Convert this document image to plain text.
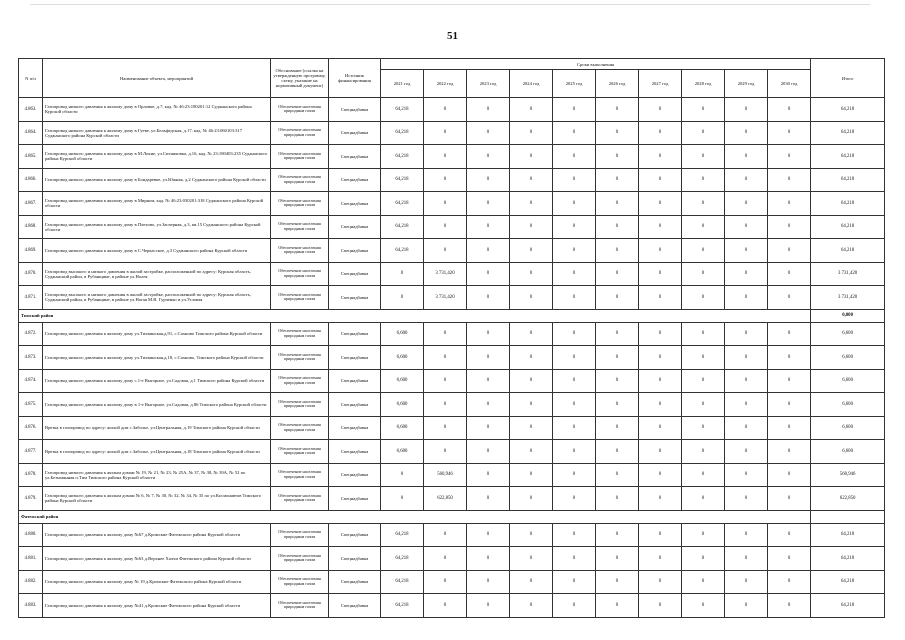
51
N п/п	Наименование объекта, мероприятий	Обоснование (ссылка на утвержденную программу, схему, указание на нормативный документ)	Источник финансирования	Сроки выполнения										Итого
				2021 год	2022 год	2023 год	2024 год	2025 год	2026 год	2027 год	2028 год	2029 год	2030 год	
4.863.	Газопровод низкого давления к жилому дому в Орловке, д.7, кад. № 46:23:180201:12 Суджанского района Курской области	Обеспечение населения природным газом	Спецнадбавка	64,218	0	0	0	0	0	0	0	0	0	64,218
4.864.	Газопровод низкого давления к жилому дому в Гуеве, ул.Бельфедская, д.17, кад. № 46:23:060103:317 Суджанского района Курской области	Обеспечение населения природным газом	Спецнадбавка	64,218	0	0	0	0	0	0	0	0	0	64,218
4.865.	Газопровод низкого давления к жилому дому в М.Локне, ул.Ситниковка, д.16, кад. № 23:180403:235 Суджанского района Курской области	Обеспечение населения природным газом	Спецнадбавка	64,218	0	0	0	0	0	0	0	0	0	64,218
4.866.	Газопровод низкого давления к жилому дому в Бондаревке, ул.Южная, д.2 Суджанского района Курской области	Обеспечение населения природным газом	Спецнадбавка	64,218	0	0	0	0	0	0	0	0	0	64,218
4.867.	Газопровод низкого давления к жилому дому в Мирном, кад. № 46:23:030201:318 Суджанского района Курской области	Обеспечение населения природным газом	Спецнадбавка	64,218	0	0	0	0	0	0	0	0	0	64,218
4.868.	Газопровод низкого давления к жилому дому в Плехово, ул.Заозерная, д.3, кв.15 Суджанского района Курской области	Обеспечение населения природным газом	Спецнадбавка	64,218	0	0	0	0	0	0	0	0	0	64,218
4.869.	Газопровод низкого давления к жилому дому в С.Черкасское, д.3 Суджанского района Курской области	Обеспечение населения природным газом	Спецнадбавка	64,218	0	0	0	0	0	0	0	0	0	64,218
4.870.	Газопровод высокого и низкого давления в жилой застройке, расположенной по адресу: Курская область, Суджанский район, в Рубанщине, в районе ул.Нолея	Обеспечение населения природным газом	Спецнадбавка	0	3 731,420	0	0	0	0	0	0	0	0	3 731,420
4.871.	Газопровод высокого и низкого давления в жилой застройке, расположенной по адресу: Курская область, Суджанский район, в Рубанщине, в районе ул.Нагая М.В. Гурченко и ул.Угловая	Обеспечение населения природным газом	Спецнадбавка	0	3 731,420	0	0	0	0	0	0	0	0	3 731,420
Тимский район														0,000
4.872.	Газопровод низкого давления к жилому дому ул.Тихвинская,д.91, с.Сахново Тимского района Курской области	Обеспечение населения природным газом	Спецнадбавка	6,600	0	0	0	0	0	0	0	0	0	6,600
4.873.	Газопровод низкого давления к жилому дому ул.Тихвинская,д.18, с.Сахново, Тимского района Курской области	Обеспечение населения природным газом	Спецнадбавка	6,600	0	0	0	0	0	0	0	0	0	6,600
4.874.	Газопровод низкого давления к жилому дому с.1-е Выгорное, ул.Садовая, д.1 Тимского района Курской области	Обеспечение населения природным газом	Спецнадбавка	6,600	0	0	0	0	0	0	0	0	0	6,600
4.875.	Газопровод низкого давления к жилому дому в 1-е Выгорное, ул.Садовая, д.86 Тимского района Курской области	Обеспечение населения природным газом	Спецнадбавка	6,600	0	0	0	0	0	0	0	0	0	6,600
4.876.	Врезка в газопровод по адресу: жилой дом с.Заболье, ул.Центральная, д.19 Тимского района Курской области	Обеспечение населения природным газом	Спецнадбавка	6,600	0	0	0	0	0	0	0	0	0	6,600
4.877.	Врезка в газопровод по адресу: жилой дом с.Заболье, ул.Центральная, д.18 Тимского района Курской области	Обеспечение населения природным газом	Спецнадбавка	6,600	0	0	0	0	0	0	0	0	0	6,600
4.878.	Газопровод низкого давления к жилым домам № 19, № 21, № 23, № 25А, № 37, № 38, № 39А, № 52 по ул.Безымянная п.Тим Тимского района Курской области	Обеспечение населения природным газом	Спецнадбавка	0	560,946	0	0	0	0	0	0	0	0	560,946
4.879.	Газопровод низкого давления к жилым домам № 6, № 7, № 30, № 32, № 34, № 35 по ул.Космонавтов Тимского района Курской области	Обеспечение населения природным газом	Спецнадбавка	0	622,850	0	0	0	0	0	0	0	0	622,850
Фатежский район														
4.880.	Газопровод низкого давления к жилому дому №67 д.Кромские Фатежского района Курской области	Обеспечение населения природным газом	Спецнадбавка	64,218	0	0	0	0	0	0	0	0	0	64,218
4.881.	Газопровод низкого давления к жилому дому №63 д.Верхнее Халчи Фатежского района Курской области	Обеспечение населения природным газом	Спецнадбавка	64,218	0	0	0	0	0	0	0	0	0	64,218
4.882.	Газопровод низкого давления к жилому дому № 19 д.Кромские Фатежского района Курской области	Обеспечение населения природным газом	Спецнадбавка	64,218	0	0	0	0	0	0	0	0	0	64,218
4.883.	Газопровод низкого давления к жилому дому №41 д.Кромские Фатежского района Курской области	Обеспечение населения природным газом	Спецнадбавка	64,218	0	0	0	0	0	0	0	0	0	64,218
